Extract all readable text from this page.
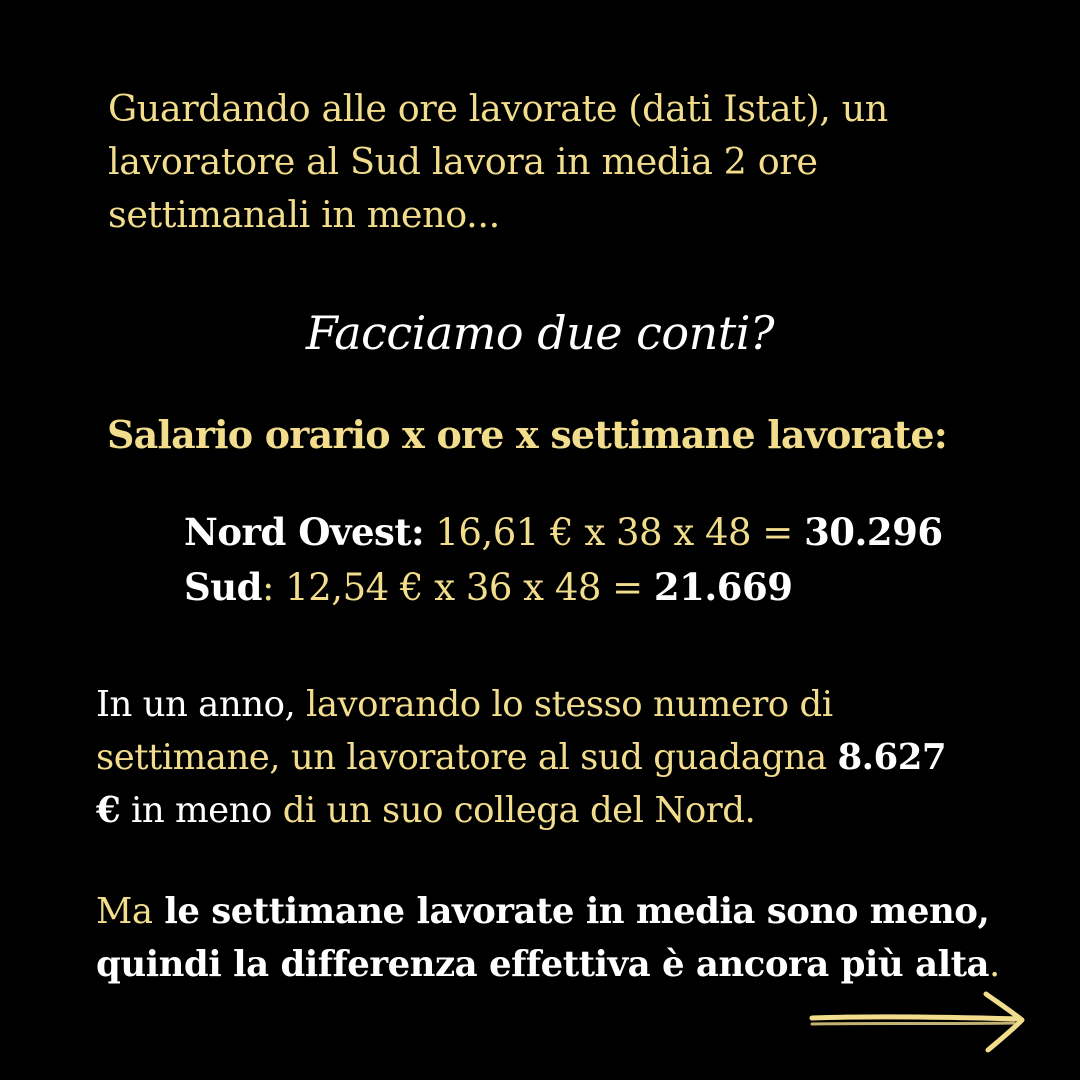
Guardando alle ore lavorate (dati Istat), un
lavoratore al Sud lavora in media 2 ore
settimanali in meno...
Facciamo due conti?
Salario orario x ore x settimane lavorate:
Nord Ovest: 16,61 € x 38 x 48 = 30.296
Sud: 12,54 € x 36 x 48 = 21.669
In un anno, lavorando lo stesso numero di
settimane, un lavoratore al sud guadagna 8.627
€ in meno di un suo collega del Nord.
Ma le settimane lavorate in media sono meno,
quindi la differenza effettiva è ancora più alta.
